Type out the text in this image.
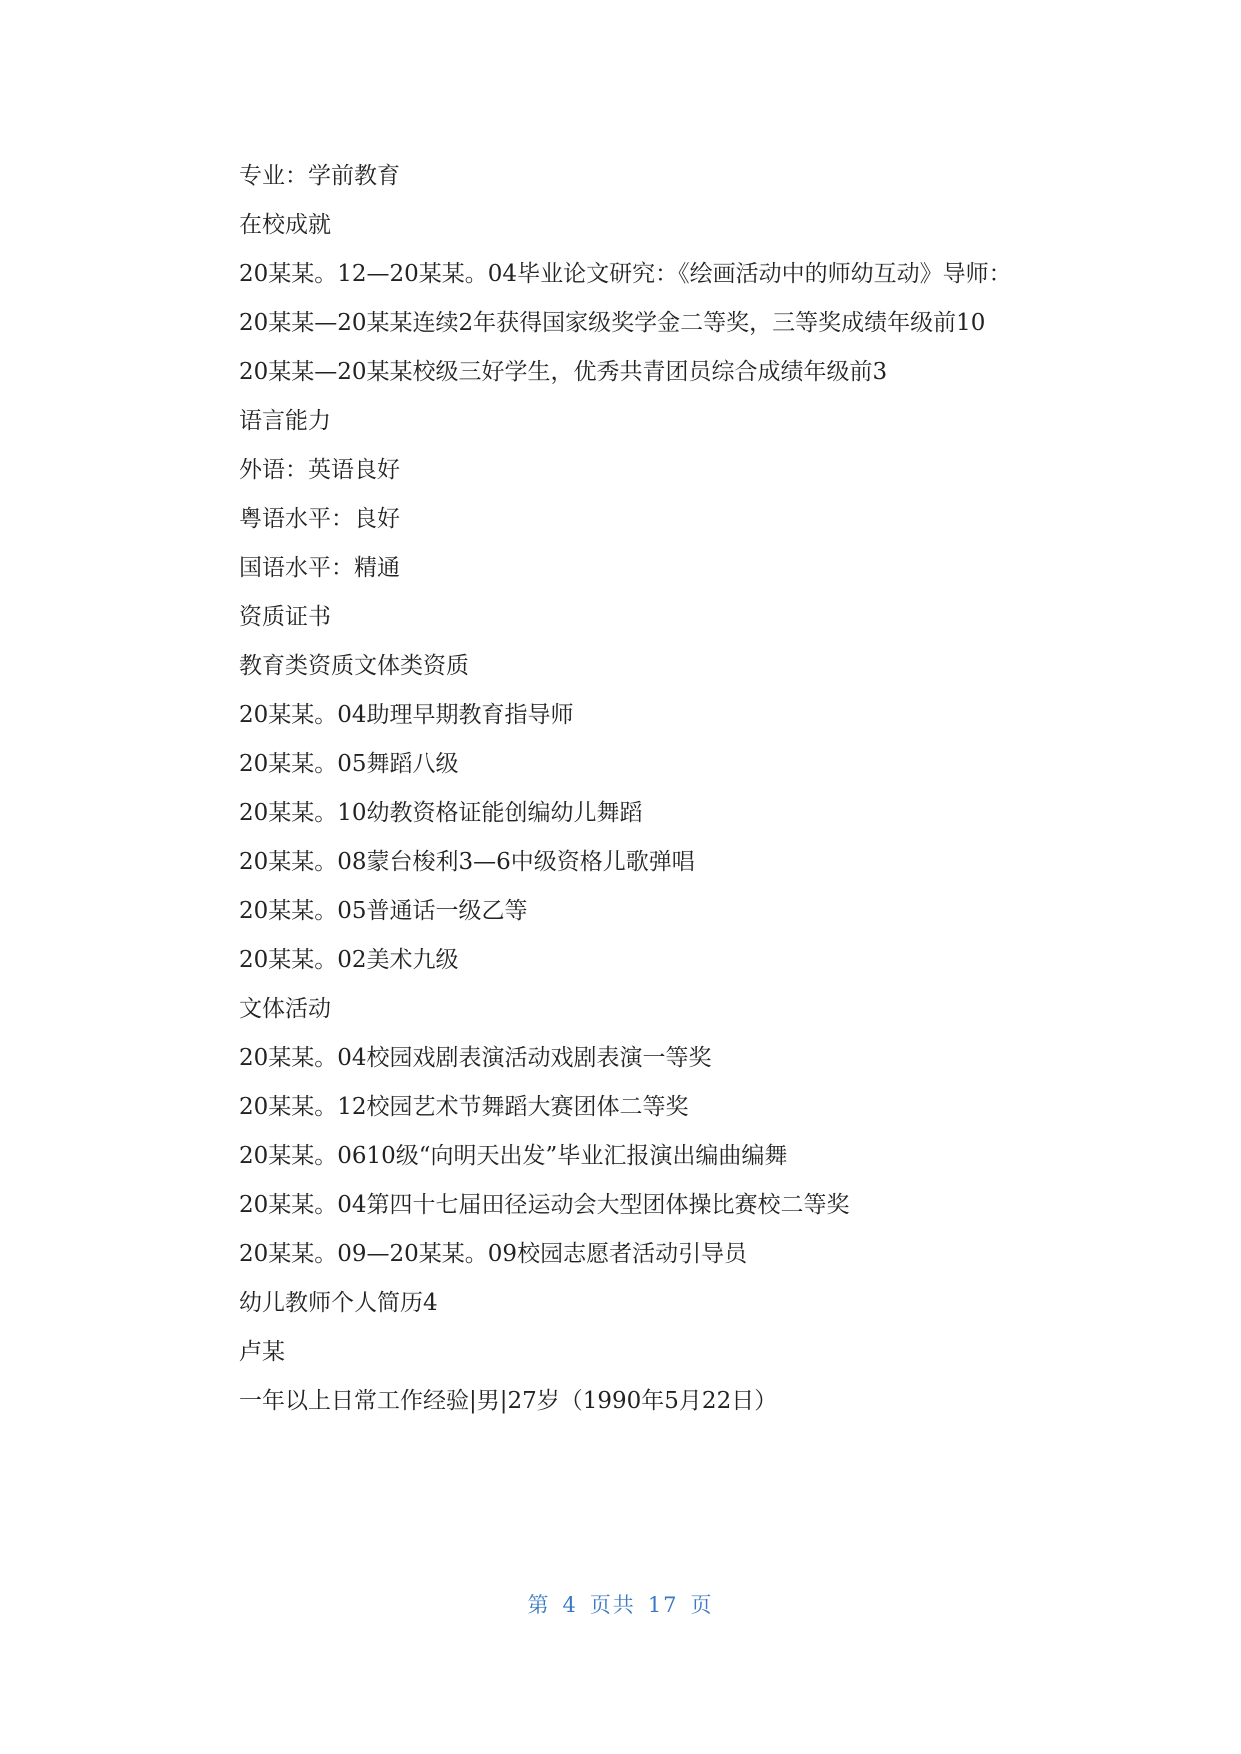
专业：学前教育

在校成就

20某某。12—20某某。04毕业论文研究：《绘画活动中的师幼互动》导师：

20某某—20某某连续2年获得国家级奖学金二等奖，三等奖成绩年级前10

20某某—20某某校级三好学生，优秀共青团员综合成绩年级前3

语言能力

外语：英语良好

粤语水平：良好

国语水平：精通

资质证书

教育类资质文体类资质

20某某。04助理早期教育指导师

20某某。05舞蹈八级

20某某。10幼教资格证能创编幼儿舞蹈

20某某。08蒙台梭利3—6中级资格儿歌弹唱

20某某。05普通话一级乙等

20某某。02美术九级

文体活动

20某某。04校园戏剧表演活动戏剧表演一等奖

20某某。12校园艺术节舞蹈大赛团体二等奖

20某某。0610级“向明天出发”毕业汇报演出编曲编舞

20某某。04第四十七届田径运动会大型团体操比赛校二等奖

20某某。09—20某某。09校园志愿者活动引导员

幼儿教师个人简历4

卢某

一年以上日常工作经验|男|27岁（1990年5月22日）

第 4 页共 17 页
